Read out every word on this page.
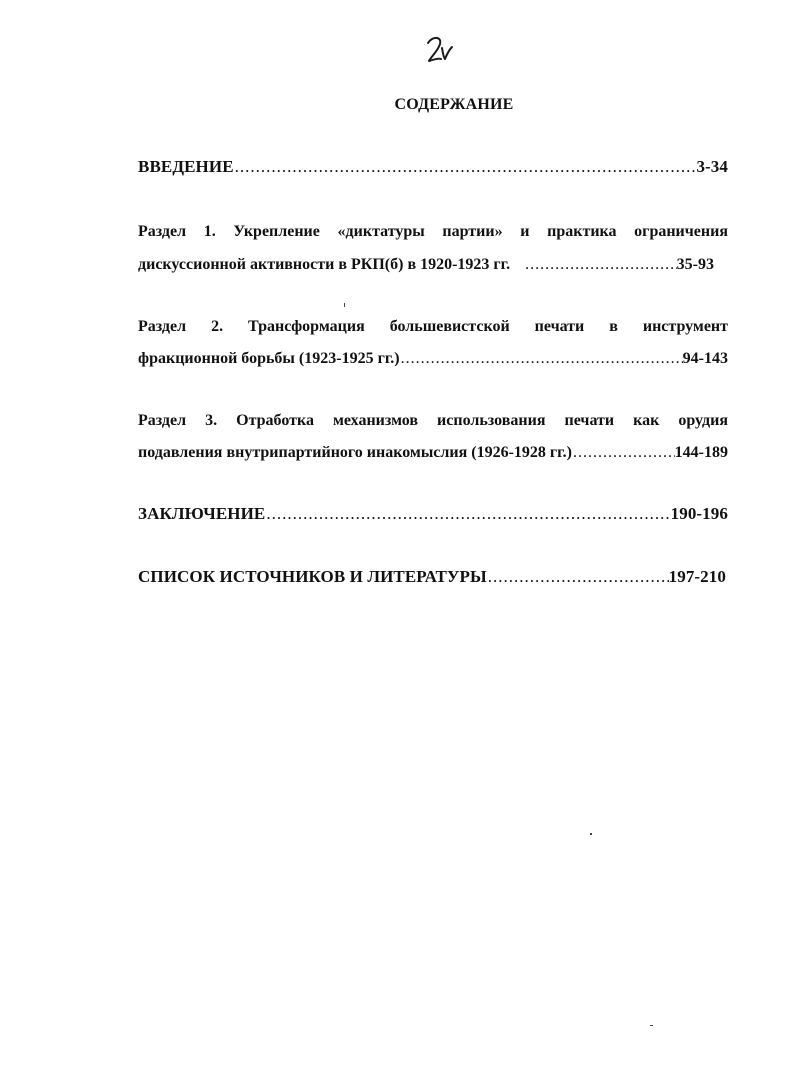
СОДЕРЖАНИЕ
ВВЕДЕНИЕ .....	3-34
Раздел 1. Укрепление «диктатуры партии» и практика ограничения
дискуссионной активности в РКП(б) в 1920-1923 гг. .....	35-93
Раздел 2. Трансформация большевистской печати в инструмент
фракционной борьбы (1923-1925 гг.) .....	94-143
Раздел 3. Отработка механизмов использования печати как орудия
подавления внутрипартийного инакомыслия (1926-1928 гг.) .....	144-189
ЗАКЛЮЧЕНИЕ .....	190-196
СПИСОК ИСТОЧНИКОВ И ЛИТЕРАТУРЫ .....	197-210
